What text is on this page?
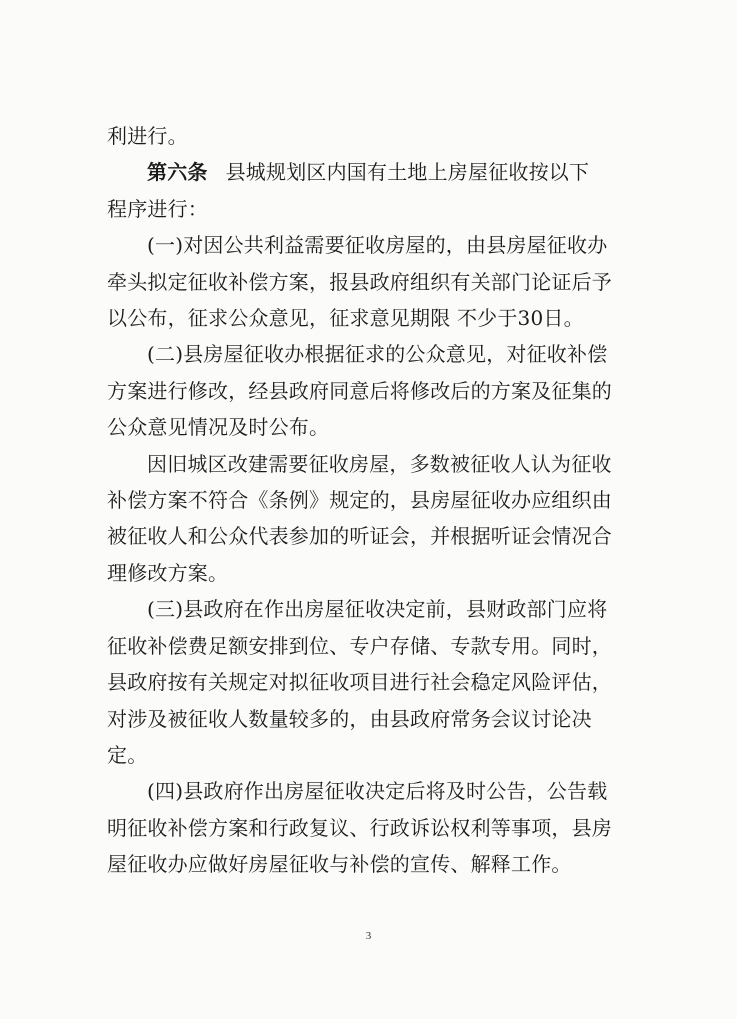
利进行。
第六条 县城规划区内国有土地上房屋征收按以下
程序进行：
(一)对因公共利益需要征收房屋的，由县房屋征收办
牵头拟定征收补偿方案，报县政府组织有关部门论证后予
以公布，征求公众意见，征求意见期限 不少于30日。
(二)县房屋征收办根据征求的公众意见，对征收补偿
方案进行修改，经县政府同意后将修改后的方案及征集的
公众意见情况及时公布。
因旧城区改建需要征收房屋，多数被征收人认为征收
补偿方案不符合《条例》规定的，县房屋征收办应组织由
被征收人和公众代表参加的听证会，并根据听证会情况合
理修改方案。
(三)县政府在作出房屋征收决定前，县财政部门应将
征收补偿费足额安排到位、专户存储、专款专用。同时，
县政府按有关规定对拟征收项目进行社会稳定风险评估，
对涉及被征收人数量较多的，由县政府常务会议讨论决
定。
(四)县政府作出房屋征收决定后将及时公告，公告载
明征收补偿方案和行政复议、行政诉讼权利等事项，县房
屋征收办应做好房屋征收与补偿的宣传、解释工作。
3
